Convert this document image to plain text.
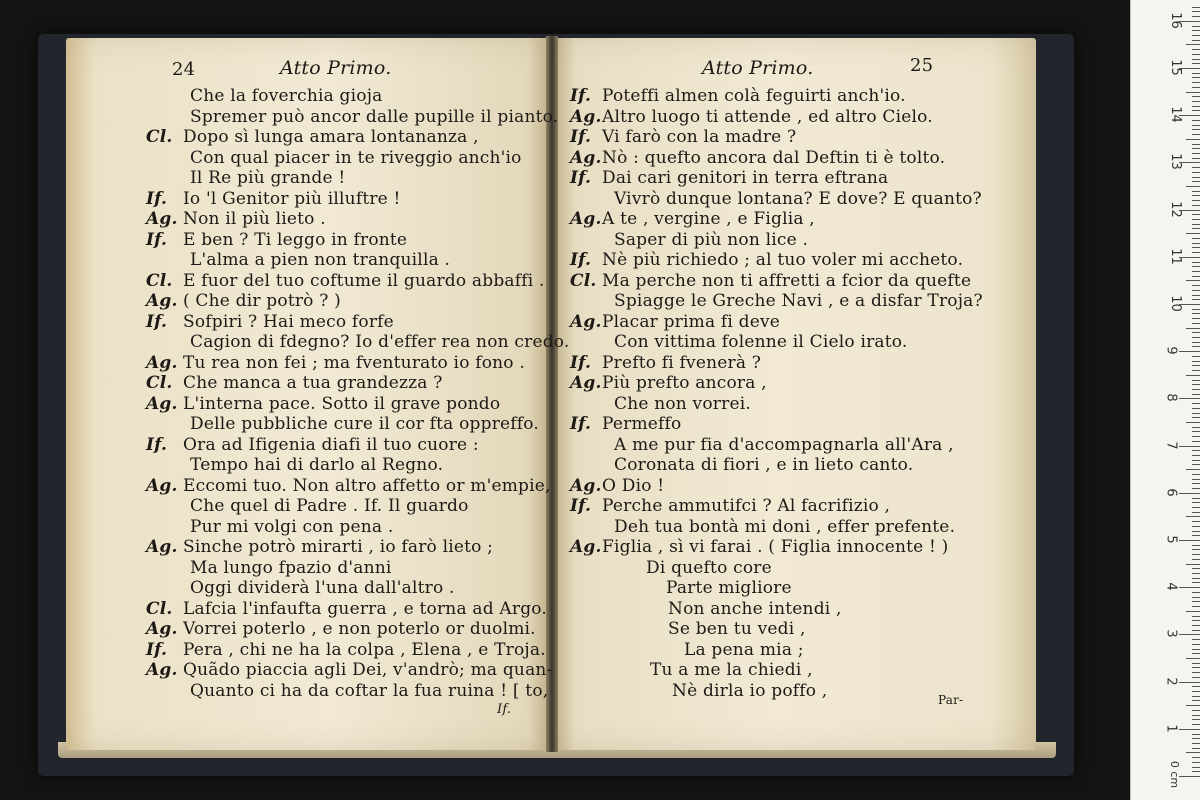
24	Atto Primo.
Che la foverchia gioja
Spremer può ancor dalle pupille il pianto.
Cl. Dopo sì lunga amara lontananza ,
Con qual piacer in te riveggio anch'io
Il Re più grande !
If. Io 'l Genitor più illuftre !
Ag. Non il più lieto .
If. E ben ? Ti leggo in fronte
L'alma a pien non tranquilla .
Cl. E fuor del tuo coftume il guardo abbaffi .
Ag. ( Che dir potrò ? )
If. Sofpiri ? Hai meco forfe
Cagion di fdegno? Io d'effer rea non credo.
Ag. Tu rea non fei ; ma fventurato io fono .
Cl. Che manca a tua grandezza ?
Ag. L'interna pace. Sotto il grave pondo
Delle pubbliche cure il cor fta oppreffo.
If. Ora ad Ifigenia diafi il tuo cuore :
Tempo hai di darlo al Regno.
Ag. Eccomi tuo. Non altro affetto or m'empie,
Che quel di Padre . If. Il guardo
Pur mi volgi con pena .
Ag. Sinche potrò mirarti , io farò lieto ;
Ma lungo fpazio d'anni
Oggi dividerà l'una dall'altro .
Cl. Lafcia l'infaufta guerra , e torna ad Argo.
Ag. Vorrei poterlo , e non poterlo or duolmi.
If. Pera , chi ne ha la colpa , Elena , e Troja.
Ag. Quãdo piaccia agli Dei, v'andrò; ma quan-
Quanto ci ha da coftar la fua ruina ! [ to,
If.
Atto Primo.	25
If. Poteffi almen colà feguirti anch'io.
Ag. Altro luogo ti attende , ed altro Cielo.
If. Vi farò con la madre ?
Ag. Nò : quefto ancora dal Deftin ti è tolto.
If. Dai cari genitori in terra eftrana
Vivrò dunque lontana? E dove? E quanto?
Ag. A te , vergine , e Figlia ,
Saper di più non lice .
If. Nè più richiedo ; al tuo voler mi accheto.
Cl. Ma perche non ti affretti a fcior da quefte
Spiagge le Greche Navi , e a disfar Troja?
Ag. Placar prima fi deve
Con vittima folenne il Cielo irato.
If. Prefto fi fvenerà ?
Ag. Più prefto ancora ,
Che non vorrei.
If. Permeffo
A me pur fia d'accompagnarla all'Ara ,
Coronata di fiori , e in lieto canto.
Ag. O Dio !
If. Perche ammutifci ? Al facrifizio ,
Deh tua bontà mi doni , effer prefente.
Ag. Figlia , sì vi farai . ( Figlia innocente ! )
Di quefto core
Parte migliore
Non anche intendi ,
Se ben tu vedi ,
La pena mia ;
Tu a me la chiedi ,
Nè dirla io poffo ,	Par-
1
2
3
4
5
6
7
8
9
10
11
12
13
14
15
16
0 cm
